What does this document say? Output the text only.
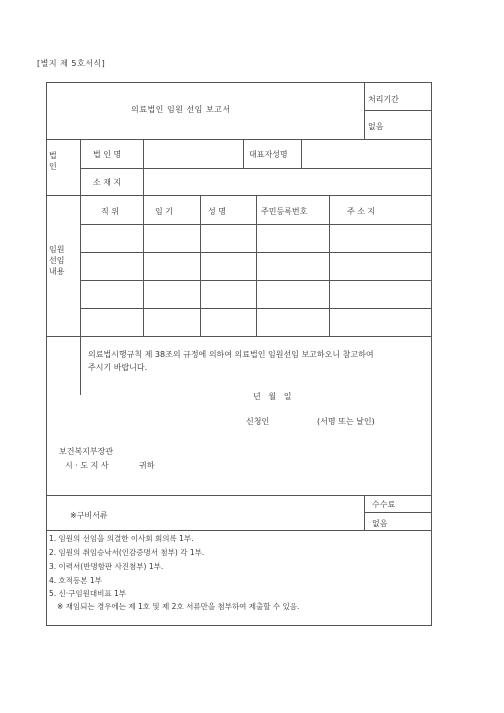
[별지 제 5호서식]
의료법인 임원 선임 보고서
처리기간
없음
법
인
법 인 명	대표자성명
소 재 지
임원
선임
내용
직 위	임 기	성 명	주민등록번호	주 소 지
의료법시행규칙 제 38조의 규정에 의하여 의료법인 임원선임 보고하오니 참고하여
주시기 바랍니다.
년   월   일
신청인	(서명 또는 날인)
보건복지부장관
시 · 도 지 사	귀하
※구비서류
수수료
없음
1. 임원의 선임을 의결한 이사회 회의록 1부.
2. 임원의 취임승낙서(인감증명서 첨부) 각 1부.
3. 이력서(반명함판 사진첨부) 1부.
4. 호적등본 1부
5. 신·구임원대비표 1부
※ 재임되는 경우에는 제 1호 및 제 2호 서류만을 첨부하여 제출할 수 있음.
